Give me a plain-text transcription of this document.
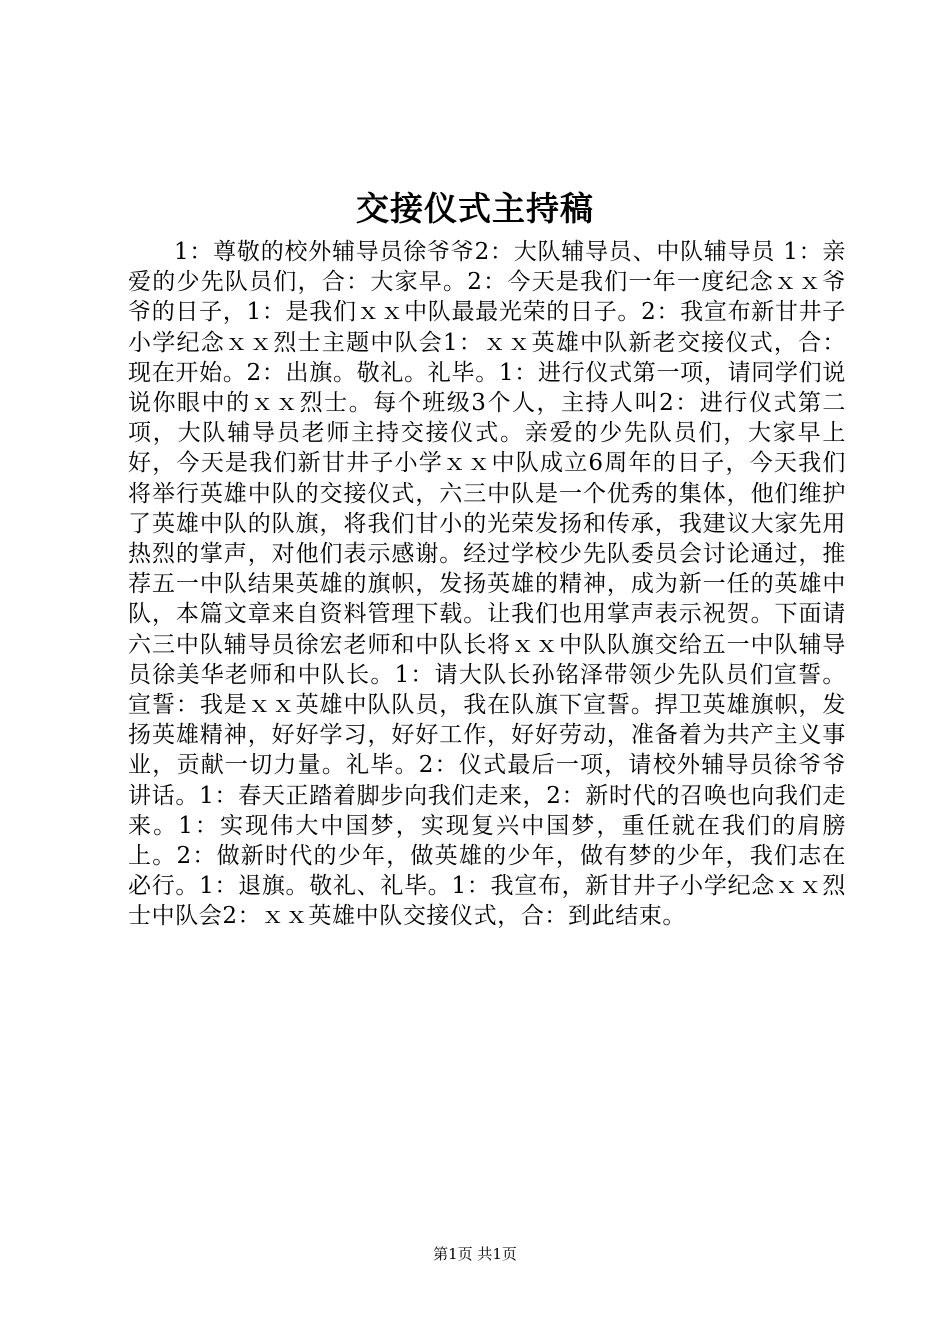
交接仪式主持稿

1：尊敬的校外辅导员徐爷爷2：大队辅导员、中队辅导员 1：亲爱的少先队员们，合：大家早。2：今天是我们一年一度纪念ｘｘ爷爷的日子，1：是我们ｘｘ中队最最光荣的日子。2：我宣布新甘井子小学纪念ｘｘ烈士主题中队会1：ｘｘ英雄中队新老交接仪式，合：现在开始。2：出旗。敬礼。礼毕。1：进行仪式第一项，请同学们说说你眼中的ｘｘ烈士。每个班级3个人，主持人叫2：进行仪式第二项，大队辅导员老师主持交接仪式。亲爱的少先队员们，大家早上好，今天是我们新甘井子小学ｘｘ中队成立6周年的日子，今天我们将举行英雄中队的交接仪式，六三中队是一个优秀的集体，他们维护了英雄中队的队旗，将我们甘小的光荣发扬和传承，我建议大家先用热烈的掌声，对他们表示感谢。经过学校少先队委员会讨论通过，推荐五一中队结果英雄的旗帜，发扬英雄的精神，成为新一任的英雄中队，本篇文章来自资料管理下载。让我们也用掌声表示祝贺。下面请六三中队辅导员徐宏老师和中队长将ｘｘ中队队旗交给五一中队辅导员徐美华老师和中队长。1：请大队长孙铭泽带领少先队员们宣誓。宣誓：我是ｘｘ英雄中队队员，我在队旗下宣誓。捍卫英雄旗帜，发扬英雄精神，好好学习，好好工作，好好劳动，准备着为共产主义事业，贡献一切力量。礼毕。2：仪式最后一项，请校外辅导员徐爷爷讲话。1：春天正踏着脚步向我们走来，2：新时代的召唤也向我们走来。1：实现伟大中国梦，实现复兴中国梦，重任就在我们的肩膀上。2：做新时代的少年，做英雄的少年，做有梦的少年，我们志在必行。1：退旗。敬礼、礼毕。1：我宣布，新甘井子小学纪念ｘｘ烈士中队会2：ｘｘ英雄中队交接仪式，合：到此结束。

第1页 共1页
